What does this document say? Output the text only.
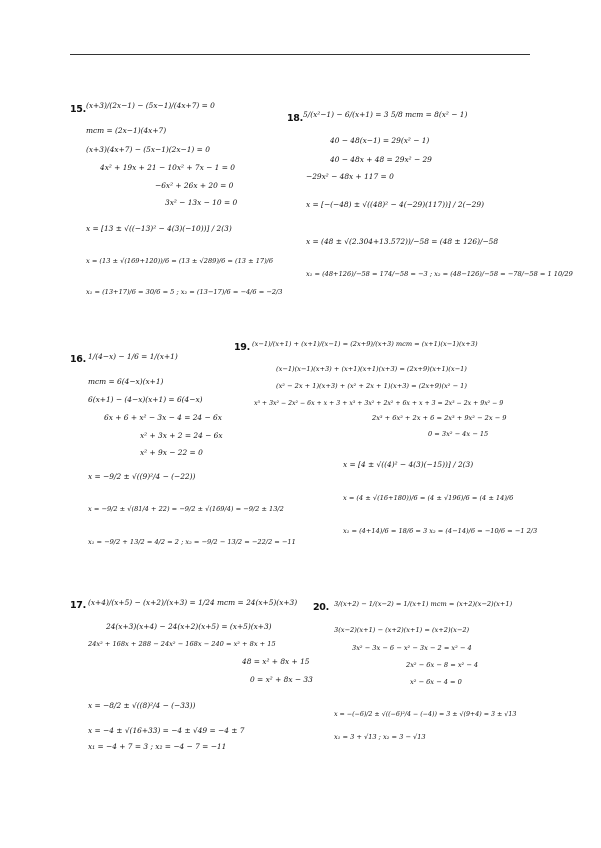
15. (x+3)/(2x−1) − (5x−1)/(4x+7) = 0
mcm = (2x−1)(4x+7)
(x+3)(4x+7) − (5x−1)(2x−1) = 0
4x² + 19x + 21 − 10x² + 7x − 1 = 0
−6x² + 26x + 20 = 0
3x² − 13x − 10 = 0
x = [13 ± √((−13)² − 4(3)(−10))] / 2(3)
x = (13 ± √(169+120))/6 = (13 ± √289)/6 = (13 ± 17)/6
x₁ = (13+17)/6 = 30/6 = 5 ; x₂ = (13−17)/6 = −4/6 = −2/3
18. 5/(x²−1) − 6/(x+1) = 3 5/8 mcm = 8(x² − 1)
40 − 48(x−1) = 29(x² − 1)
40 − 48x + 48 = 29x² − 29
−29x² − 48x + 117 = 0
x = [−(−48) ± √((48)² − 4(−29)(117))] / 2(−29)
x = (48 ± √(2.304+13.572))/−58 = (48 ± 126)/−58
x₁ = (48+126)/−58 = 174/−58 = −3 ; x₂ = (48−126)/−58 = −78/−58 = 1 10/29
16. 1/(4−x) − 1/6 = 1/(x+1)
mcm = 6(4−x)(x+1)
6(x+1) − (4−x)(x+1) = 6(4−x)
6x + 6 + x² − 3x − 4 = 24 − 6x
x² + 3x + 2 = 24 − 6x
x² + 9x − 22 = 0
x = −9/2 ± √((9)²/4 − (−22))
x = −9/2 ± √(81/4 + 22) = −9/2 ± √(169/4) = −9/2 ± 13/2
x₁ = −9/2 + 13/2 = 4/2 = 2 ; x₂ = −9/2 − 13/2 = −22/2 = −11
19. (x−1)/(x+1) + (x+1)/(x−1) = (2x+9)/(x+3) mcm = (x+1)(x−1)(x+3)
(x−1)(x−1)(x+3) + (x+1)(x+1)(x+3) = (2x+9)(x+1)(x−1)
(x² − 2x + 1)(x+3) + (x² + 2x + 1)(x+3) = (2x+9)(x² − 1)
x³ + 3x² − 2x² − 6x + x + 3 + x³ + 3x² + 2x² + 6x + x + 3 = 2x³ − 2x + 9x² − 9
2x³ + 6x² + 2x + 6 = 2x³ + 9x² − 2x − 9
0 = 3x² − 4x − 15
x = [4 ± √((4)² − 4(3)(−15))] / 2(3)
x = (4 ± √(16+180))/6 = (4 ± √196)/6 = (4 ± 14)/6
x₁ = (4+14)/6 = 18/6 = 3 x₂ = (4−14)/6 = −10/6 = −1 2/3
17. (x+4)/(x+5) − (x+2)/(x+3) = 1/24 mcm = 24(x+5)(x+3)
24(x+3)(x+4) − 24(x+2)(x+5) = (x+5)(x+3)
24x² + 168x + 288 − 24x² − 168x − 240 = x² + 8x + 15
48 = x² + 8x + 15
0 = x² + 8x − 33
x = −8/2 ± √((8)²/4 − (−33))
x = −4 ± √(16+33) = −4 ± √49 = −4 ± 7
x₁ = −4 + 7 = 3 ; x₂ = −4 − 7 = −11
20. 3/(x+2) − 1/(x−2) = 1/(x+1) mcm = (x+2)(x−2)(x+1)
3(x−2)(x+1) − (x+2)(x+1) = (x+2)(x−2)
3x² − 3x − 6 − x² − 3x − 2 = x² − 4
2x² − 6x − 8 = x² − 4
x² − 6x − 4 = 0
x = −(−6)/2 ± √((−6)²/4 − (−4)) = 3 ± √(9+4) = 3 ± √13
x₁ = 3 + √13 ; x₂ = 3 − √13
